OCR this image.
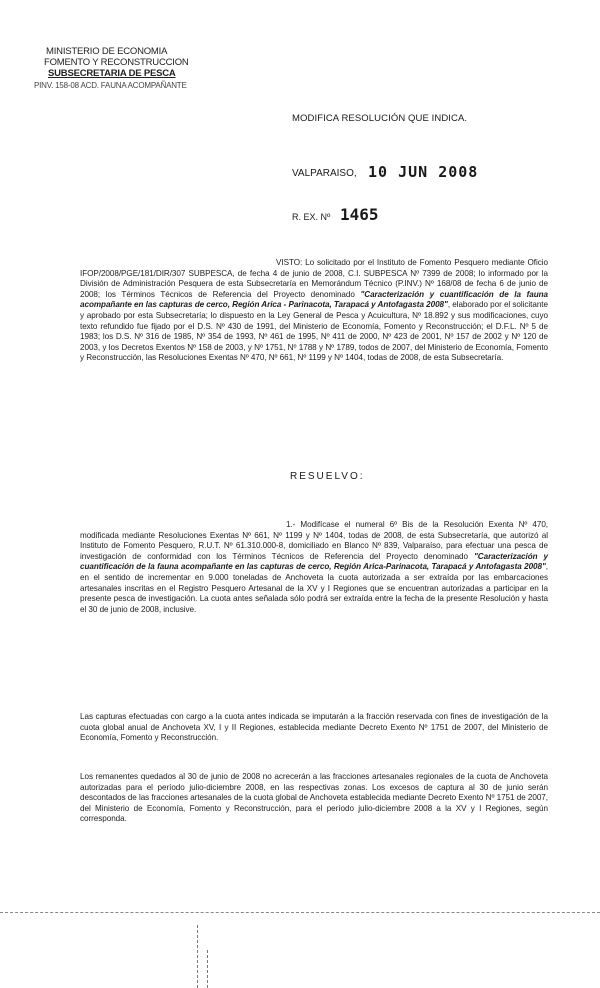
MINISTERIO DE ECONOMIA
FOMENTO Y RECONSTRUCCION
SUBSECRETARIA DE PESCA
PINV. 158-08 ACD. FAUNA ACOMPAÑANTE
MODIFICA RESOLUCIÓN QUE INDICA.
VALPARAISO, 10 JUN 2008
R. EX. Nº 1465
VISTO: Lo solicitado por el Instituto de Fomento Pesquero mediante Oficio IFOP/2008/PGE/181/DIR/307 SUBPESCA, de fecha 4 de junio de 2008, C.I. SUBPESCA Nº 7399 de 2008; lo informado por la División de Administración Pesquera de esta Subsecretaría en Memorándum Técnico (P.INV.) Nº 168/08 de fecha 6 de junio de 2008; los Términos Técnicos de Referencia del Proyecto denominado "Caracterización y cuantificación de la fauna acompañante en las capturas de cerco, Región Arica - Parinacota, Tarapacá y Antofagasta 2008", elaborado por el solicitante y aprobado por esta Subsecretaría; lo dispuesto en la Ley General de Pesca y Acuicultura, Nº 18.892 y sus modificaciones, cuyo texto refundido fue fijado por el D.S. Nº 430 de 1991, del Ministerio de Economía, Fomento y Reconstrucción; el D.F.L. Nº 5 de 1983; los D.S. Nº 316 de 1985, Nº 354 de 1993, Nº 461 de 1995, Nº 411 de 2000, Nº 423 de 2001, Nº 157 de 2002 y Nº 120 de 2003, y los Decretos Exentos Nº 158 de 2003, y Nº 1751, Nº 1788 y Nº 1789, todos de 2007, del Ministerio de Economía, Fomento y Reconstrucción, las Resoluciones Exentas Nº 470, Nº 661, Nº 1199 y Nº 1404, todas de 2008, de esta Subsecretaría.
RESUELVO:
1.- Modifícase el numeral 6º Bis de la Resolución Exenta Nº 470, modificada mediante Resoluciones Exentas Nº 661, Nº 1199 y Nº 1404, todas de 2008, de esta Subsecretaría, que autorizó al Instituto de Fomento Pesquero, R.U.T. Nº 61.310.000-8, domiciliado en Blanco Nº 839, Valparaíso, para efectuar una pesca de investigación de conformidad con los Términos Técnicos de Referencia del Proyecto denominado "Caracterización y cuantificación de la fauna acompañante en las capturas de cerco, Región Arica-Parinacota, Tarapacá y Antofagasta 2008", en el sentido de incrementar en 9.000 toneladas de Anchoveta la cuota autorizada a ser extraída por las embarcaciones artesanales inscritas en el Registro Pesquero Artesanal de la XV y I Regiones que se encuentran autorizadas a participar en la presente pesca de investigación. La cuota antes señalada sólo podrá ser extraída entre la fecha de la presente Resolución y hasta el 30 de junio de 2008, inclusive.
Las capturas efectuadas con cargo a la cuota antes indicada se imputarán a la fracción reservada con fines de investigación de la cuota global anual de Anchoveta XV, I y II Regiones, establecida mediante Decreto Exento Nº 1751 de 2007, del Ministerio de Economía, Fomento y Reconstrucción.
Los remanentes quedados al 30 de junio de 2008 no acrecerán a las fracciones artesanales regionales de la cuota de Anchoveta autorizadas para el período julio-diciembre 2008, en las respectivas zonas. Los excesos de captura al 30 de junio serán descontados de las fracciones artesanales de la cuota global de Anchoveta establecida mediante Decreto Exento Nº 1751 de 2007, del Ministerio de Economía, Fomento y Reconstrucción, para el período julio-diciembre 2008 a la XV y I Regiones, según corresponda.
